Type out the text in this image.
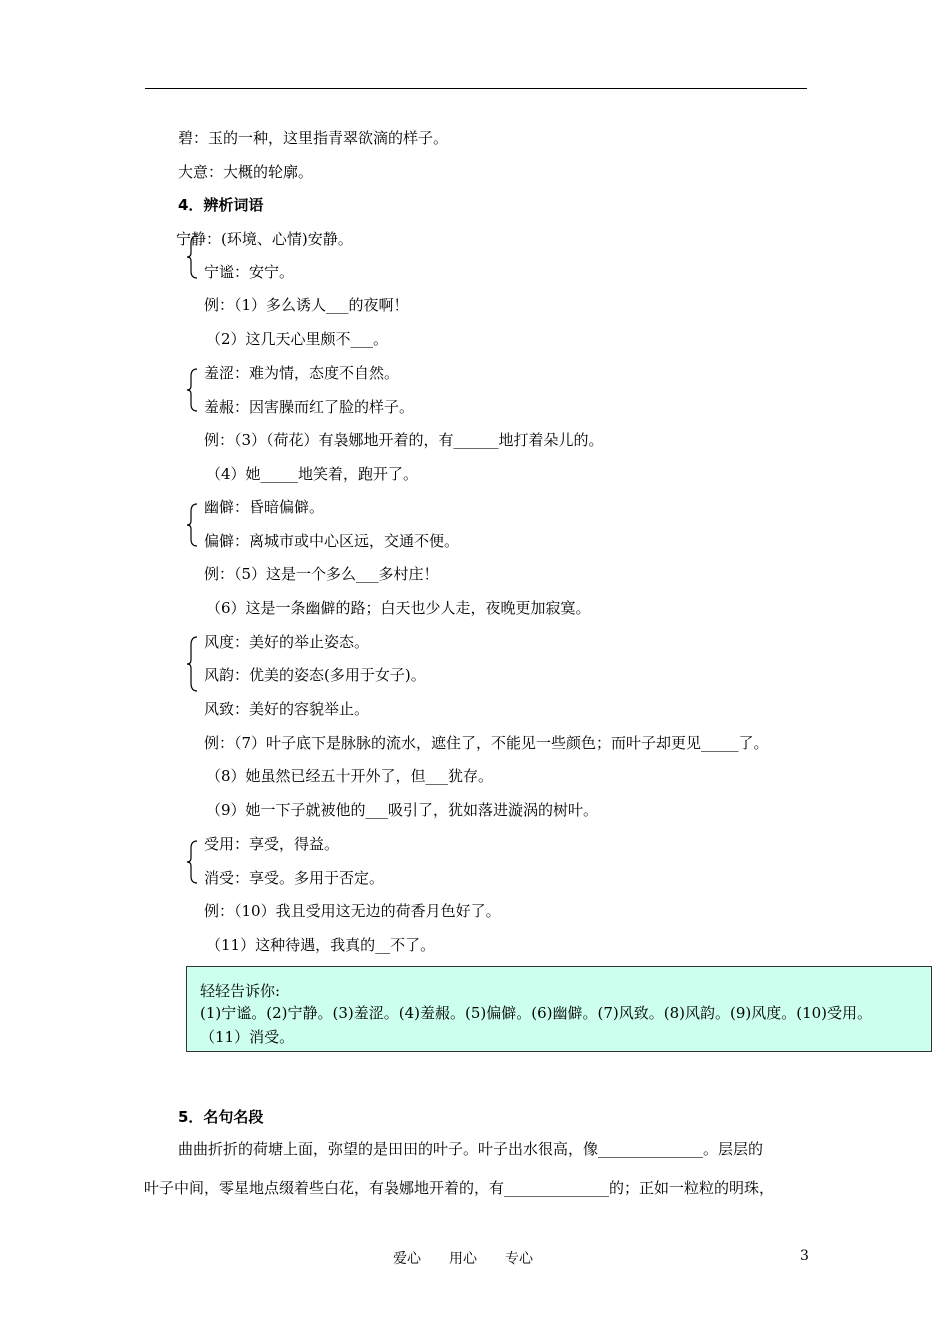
碧：玉的一种，这里指青翠欲滴的样子。
大意：大概的轮廓。
4．辨析词语
宁静：(环境、心情)安静。
宁谧：安宁。
例：（1）多么诱人___的夜啊！
（2）这几天心里颇不___。
羞涩：难为情，态度不自然。
羞赧：因害臊而红了脸的样子。
例：（3）（荷花）有袅娜地开着的，有______地打着朵儿的。
（4）她_____地笑着，跑开了。
幽僻：昏暗偏僻。
偏僻：离城市或中心区远，交通不便。
例：（5）这是一个多么___多村庄！
（6）这是一条幽僻的路；白天也少人走，夜晚更加寂寞。
风度：美好的举止姿态。
风韵：优美的姿态(多用于女子)。
风致：美好的容貌举止。
例：（7）叶子底下是脉脉的流水，遮住了，不能见一些颜色；而叶子却更见_____了。
（8）她虽然已经五十开外了，但___犹存。
（9）她一下子就被他的___吸引了，犹如落进漩涡的树叶。
受用：享受，得益。
消受：享受。多用于否定。
例：（10）我且受用这无边的荷香月色好了。
（11）这种待遇，我真的__不了。
轻轻告诉你:
(1)宁谧。(2)宁静。(3)羞涩。(4)羞赧。(5)偏僻。(6)幽僻。(7)风致。(8)风韵。(9)风度。(10)受用。
（11）消受。
5．名句名段
曲曲折折的荷塘上面，弥望的是田田的叶子。叶子出水很高，像______________。层层的
叶子中间，零星地点缀着些白花，有袅娜地开着的，有______________的；正如一粒粒的明珠，
爱心　　用心　　专心	3
